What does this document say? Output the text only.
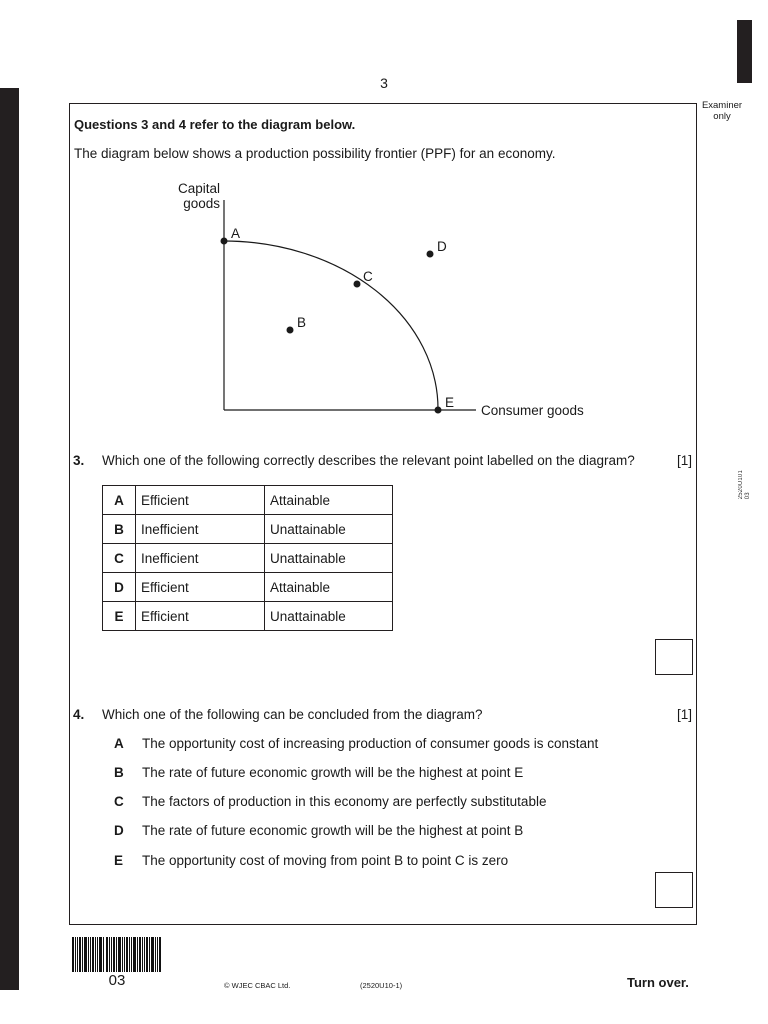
3
Examiner
only
2520U101
03
Questions 3 and 4 refer to the diagram below.
The diagram below shows a production possibility frontier (PPF) for an economy.
Capital
goods
Consumer goods
A
B
C
D
E
3. Which one of the following correctly describes the relevant point labelled on the diagram?	[1]
A	Efficient	Attainable
B	Inefficient	Unattainable
C	Inefficient	Unattainable
D	Efficient	Attainable
E	Efficient	Unattainable
4. Which one of the following can be concluded from the diagram?	[1]
A The opportunity cost of increasing production of consumer goods is constant
B The rate of future economic growth will be the highest at point E
C The factors of production in this economy are perfectly substitutable
D The rate of future economic growth will be the highest at point B
E The opportunity cost of moving from point B to point C is zero
03	© WJEC CBAC Ltd.	(2520U10-1)	Turn over.
